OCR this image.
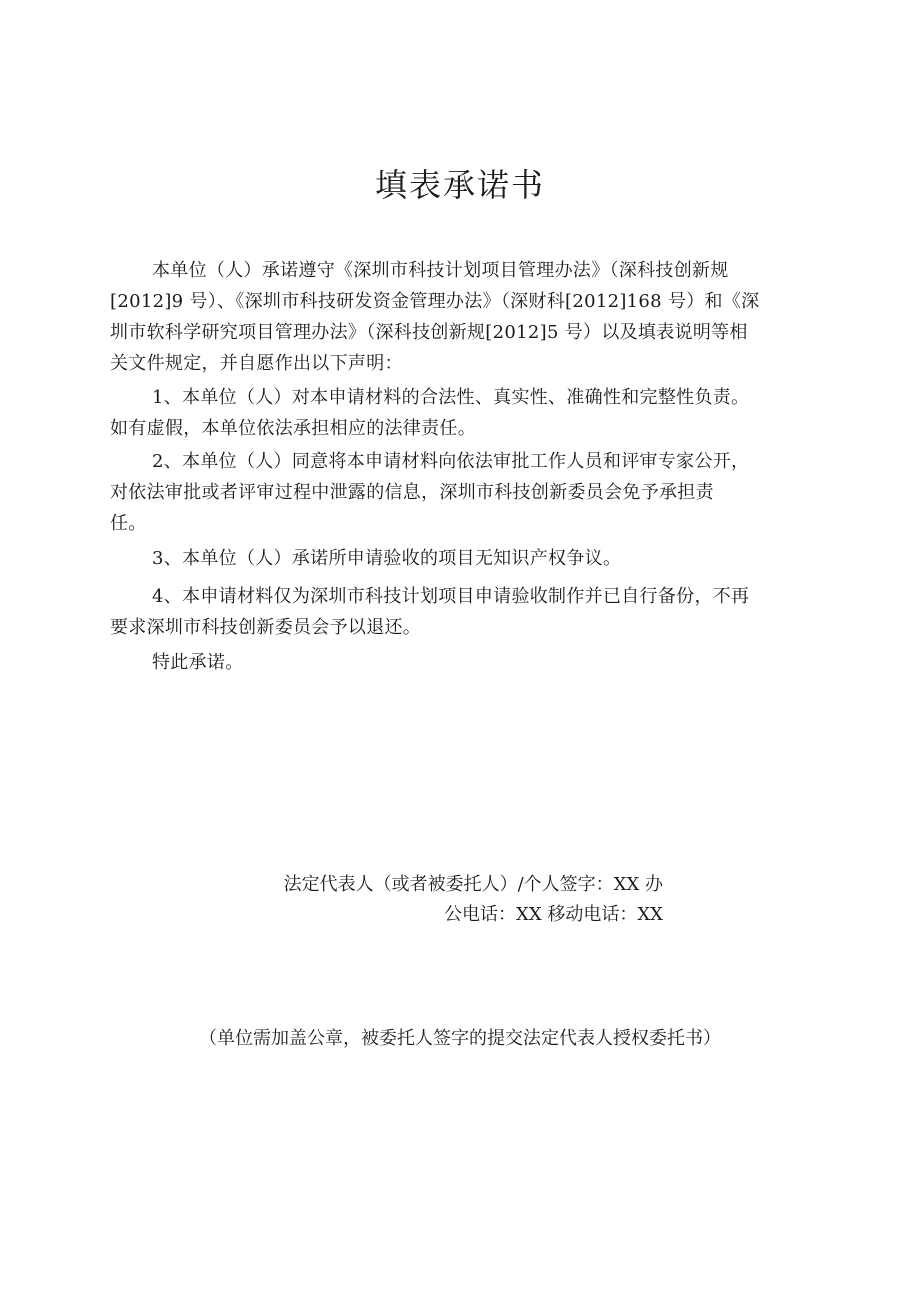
填表承诺书

本单位（人）承诺遵守《深圳市科技计划项目管理办法》（深科技创新规
[2012]9 号）、《深圳市科技研发资金管理办法》（深财科[2012]168 号）和《深
圳市软科学研究项目管理办法》（深科技创新规[2012]5 号）以及填表说明等相
关文件规定，并自愿作出以下声明：

1、本单位（人）对本申请材料的合法性、真实性、准确性和完整性负责。
如有虚假，本单位依法承担相应的法律责任。

2、本单位（人）同意将本申请材料向依法审批工作人员和评审专家公开，
对依法审批或者评审过程中泄露的信息，深圳市科技创新委员会免予承担责
任。

3、本单位（人）承诺所申请验收的项目无知识产权争议。

4、本申请材料仅为深圳市科技计划项目申请验收制作并已自行备份，不再
要求深圳市科技创新委员会予以退还。

特此承诺。

法定代表人（或者被委托人）/个人签字：XX 办
公电话：XX 移动电话：XX

（单位需加盖公章，被委托人签字的提交法定代表人授权委托书）
